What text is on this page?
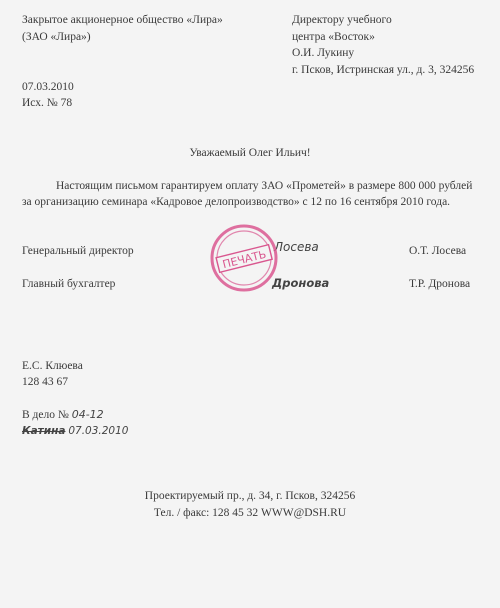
Закрытое акционерное общество «Лира»
(ЗАО «Лира»)
Директору учебного
центра «Восток»
О.И. Лукину
г. Псков, Истринская ул., д. 3, 324256
07.03.2010
Исх. № 78
Уважаемый Олег Ильич!
Настоящим письмом гарантируем оплату ЗАО «Прометей» в размере 800 000 рублей
за организацию семинара «Кадровое делопроизводство» с 12 по 16 сентября 2010 года.
Генеральный директор	Лосева	О.Т. Лосева
Главный бухгалтер	Дронова	Т.Р. Дронова
ПЕЧАТЬ
Е.С. Клюева
128 43 67
В дело № 04-12
Катина 07.03.2010
Проектируемый пр., д. 34, г. Псков, 324256
Тел. / факс: 128 45 32 WWW@DSH.RU
